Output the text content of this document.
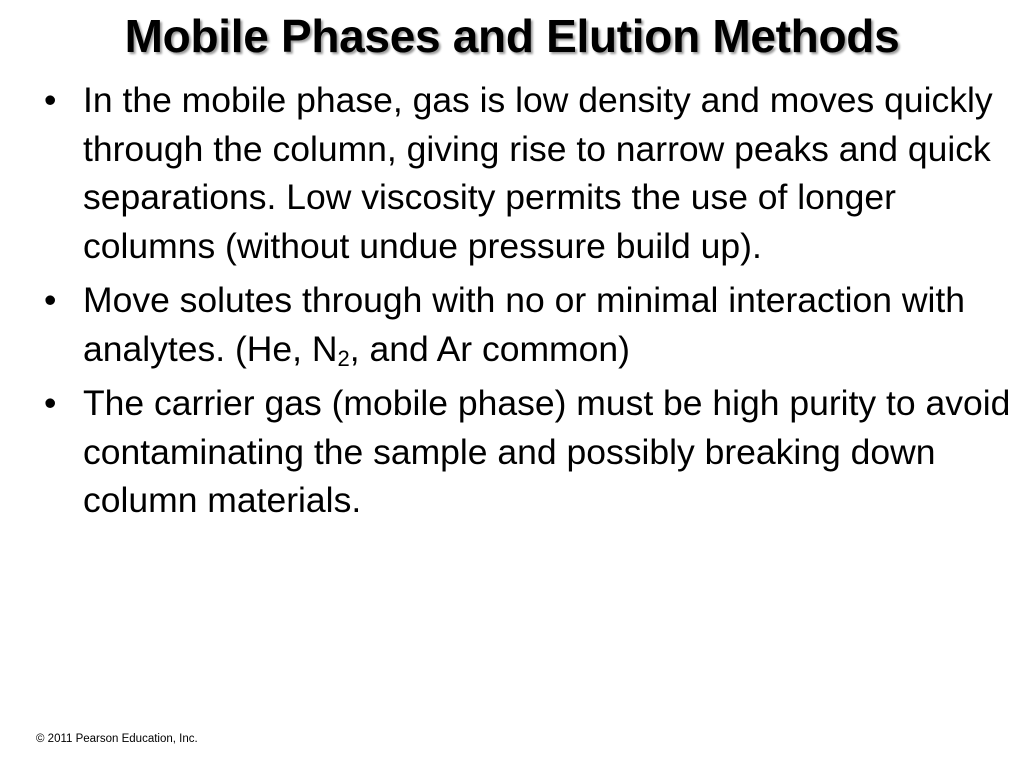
Mobile Phases and Elution Methods
• In the mobile phase, gas is low density and moves quickly through the column, giving rise to narrow peaks and quick separations. Low viscosity permits the use of longer columns (without undue pressure build up).
• Move solutes through with no or minimal interaction with analytes. (He, $N_2$, and Ar common)
• The carrier gas (mobile phase) must be high purity to avoid contaminating the sample and possibly breaking down column materials.
© 2011 Pearson Education, Inc.
